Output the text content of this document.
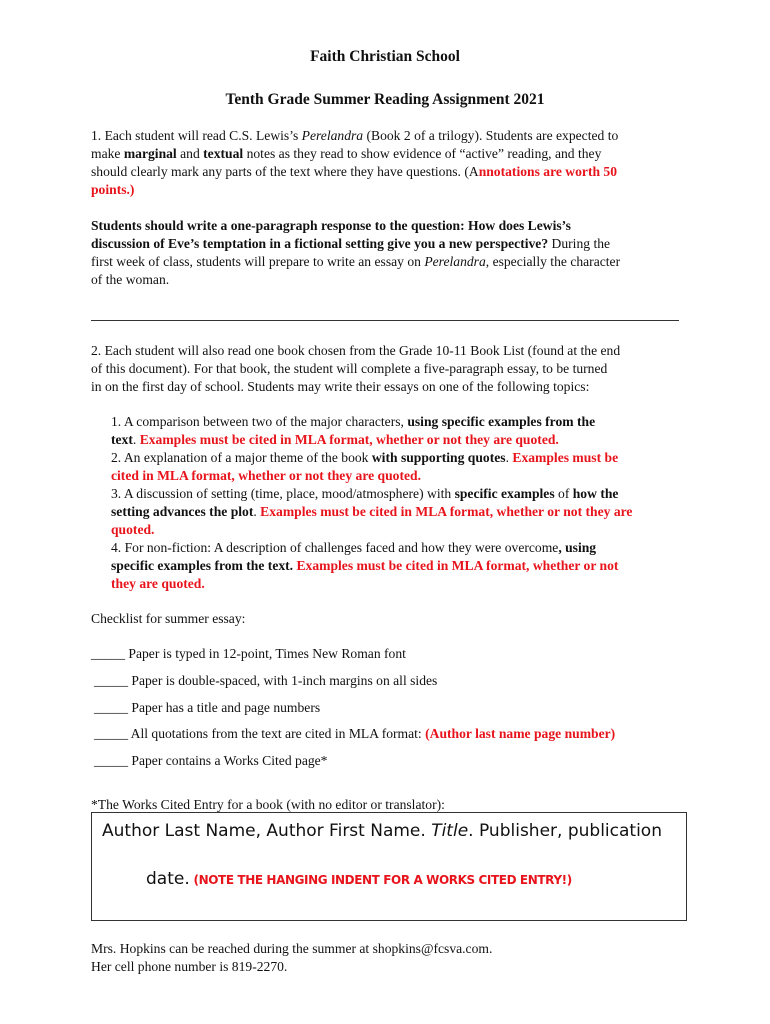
Faith Christian School
Tenth Grade Summer Reading Assignment 2021
1. Each student will read C.S. Lewis’s Perelandra (Book 2 of a trilogy). Students are expected to
make marginal and textual notes as they read to show evidence of “active” reading, and they
should clearly mark any parts of the text where they have questions. (Annotations are worth 50
points.)
Students should write a one-paragraph response to the question: How does Lewis’s
discussion of Eve’s temptation in a fictional setting give you a new perspective? During the
first week of class, students will prepare to write an essay on Perelandra, especially the character
of the woman.
2. Each student will also read one book chosen from the Grade 10-11 Book List (found at the end
of this document). For that book, the student will complete a five-paragraph essay, to be turned
in on the first day of school. Students may write their essays on one of the following topics:
1. A comparison between two of the major characters, using specific examples from the
text. Examples must be cited in MLA format, whether or not they are quoted.
2. An explanation of a major theme of the book with supporting quotes. Examples must be
cited in MLA format, whether or not they are quoted.
3. A discussion of setting (time, place, mood/atmosphere) with specific examples of how the
setting advances the plot. Examples must be cited in MLA format, whether or not they are
quoted.
4. For non-fiction: A description of challenges faced and how they were overcome, using
specific examples from the text. Examples must be cited in MLA format, whether or not
they are quoted.
Checklist for summer essay:
_____ Paper is typed in 12-point, Times New Roman font
_____ Paper is double-spaced, with 1-inch margins on all sides
_____ Paper has a title and page numbers
_____ All quotations from the text are cited in MLA format: (Author last name page number)
_____ Paper contains a Works Cited page*
*The Works Cited Entry for a book (with no editor or translator):
Author Last Name, Author First Name. Title. Publisher, publication
date. (NOTE THE HANGING INDENT FOR A WORKS CITED ENTRY!)
Mrs. Hopkins can be reached during the summer at shopkins@fcsva.com.
Her cell phone number is 819-2270.
